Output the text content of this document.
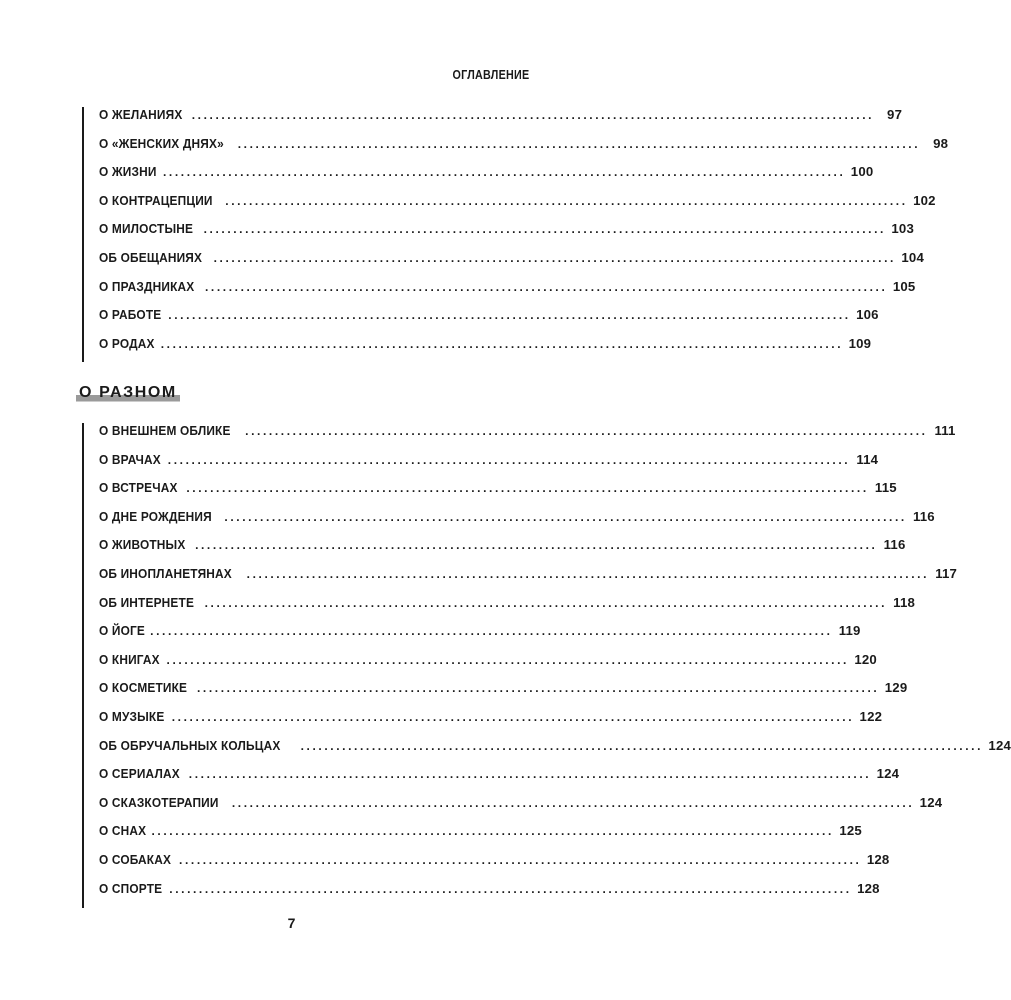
ОГЛАВЛЕНИЕ
О ЖЕЛАНИЯХ ................................................................................................................... 97
О «ЖЕНСКИХ ДНЯХ» ................................................................................................................... 98
О ЖИЗНИ ................................................................................................................... 100
О КОНТРАЦЕПЦИИ ................................................................................................................... 102
О МИЛОСТЫНЕ ................................................................................................................... 103
ОБ ОБЕЩАНИЯХ ................................................................................................................... 104
О ПРАЗДНИКАХ ................................................................................................................... 105
О РАБОТЕ ................................................................................................................... 106
О РОДАХ ................................................................................................................... 109
О РАЗНОМ
О ВНЕШНЕМ ОБЛИКЕ ................................................................................................................... 111
О ВРАЧАХ ................................................................................................................... 114
О ВСТРЕЧАХ ................................................................................................................... 115
О ДНЕ РОЖДЕНИЯ ................................................................................................................... 116
О ЖИВОТНЫХ ................................................................................................................... 116
ОБ ИНОПЛАНЕТЯНАХ ................................................................................................................... 117
ОБ ИНТЕРНЕТЕ ................................................................................................................... 118
О ЙОГЕ ................................................................................................................... 119
О КНИГАХ ................................................................................................................... 120
О КОСМЕТИКЕ ................................................................................................................... 129
О МУЗЫКЕ ................................................................................................................... 122
ОБ ОБРУЧАЛЬНЫХ КОЛЬЦАХ ................................................................................................................... 124
О СЕРИАЛАХ ................................................................................................................... 124
О СКАЗКОТЕРАПИИ ................................................................................................................... 124
О СНАХ ................................................................................................................... 125
О СОБАКАХ ................................................................................................................... 128
О СПОРТЕ ................................................................................................................... 128
7
